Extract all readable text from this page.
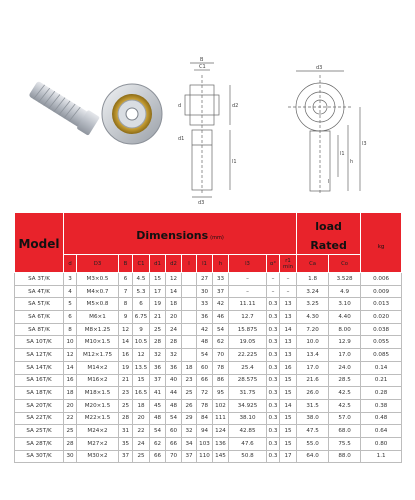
B
C1
d	d2
d1
l1
d3
d3
l3
l1
h
l
Model	Dimensions (mm)												load Rated		kg
	d	D3	B	C1	d1	d2	l	l1	h	l3	α°	r1 min	Ca	Co	
SA 3T/K	3	M3×0.5	6	4.5	15	12		27	33	–	–	–	1.8	3.528	0.006
SA 4T/K	4	M4×0.7	7	5.3	17	14		30	37	–	–	–	3.24	4.9	0.009
SA 5T/K	5	M5×0.8	8	6	19	18		33	42	11.11	0.3	13	3.25	3.10	0.013
SA 6T/K	6	M6×1	9	6.75	21	20		36	46	12.7	0.3	13	4.30	4.40	0.020
SA 8T/K	8	M8×1.25	12	9	25	24		42	54	15.875	0.3	14	7.20	8.00	0.038
SA 10T/K	10	M10×1.5	14	10.5	28	28		48	62	19.05	0.3	13	10.0	12.9	0.055
SA 12T/K	12	M12×1.75	16	12	32	32		54	70	22.225	0.3	13	13.4	17.0	0.085
SA 14T/K	14	M14×2	19	13.5	36	36	18	60	78	25.4	0.3	16	17.0	24.0	0.14
SA 16T/K	16	M16×2	21	15	37	40	23	66	86	28.575	0.3	15	21.6	28.5	0.21
SA 18T/K	18	M18×1.5	23	16.5	41	44	25	72	95	31.75	0.3	15	26.0	42.5	0.28
SA 20T/K	20	M20×1.5	25	18	45	48	26	78	102	34.925	0.3	14	31.5	42.5	0.38
SA 22T/K	22	M22×1.5	28	20	48	54	29	84	111	38.10	0.3	15	38.0	57.0	0.48
SA 25T/K	25	M24×2	31	22	54	60	32	94	124	42.85	0.3	15	47.5	68.0	0.64
SA 28T/K	28	M27×2	35	24	62	66	34	103	136	47.6	0.3	15	55.0	75.5	0.80
SA 30T/K	30	M30×2	37	25	66	70	37	110	145	50.8	0.3	17	64.0	88.0	1.1
